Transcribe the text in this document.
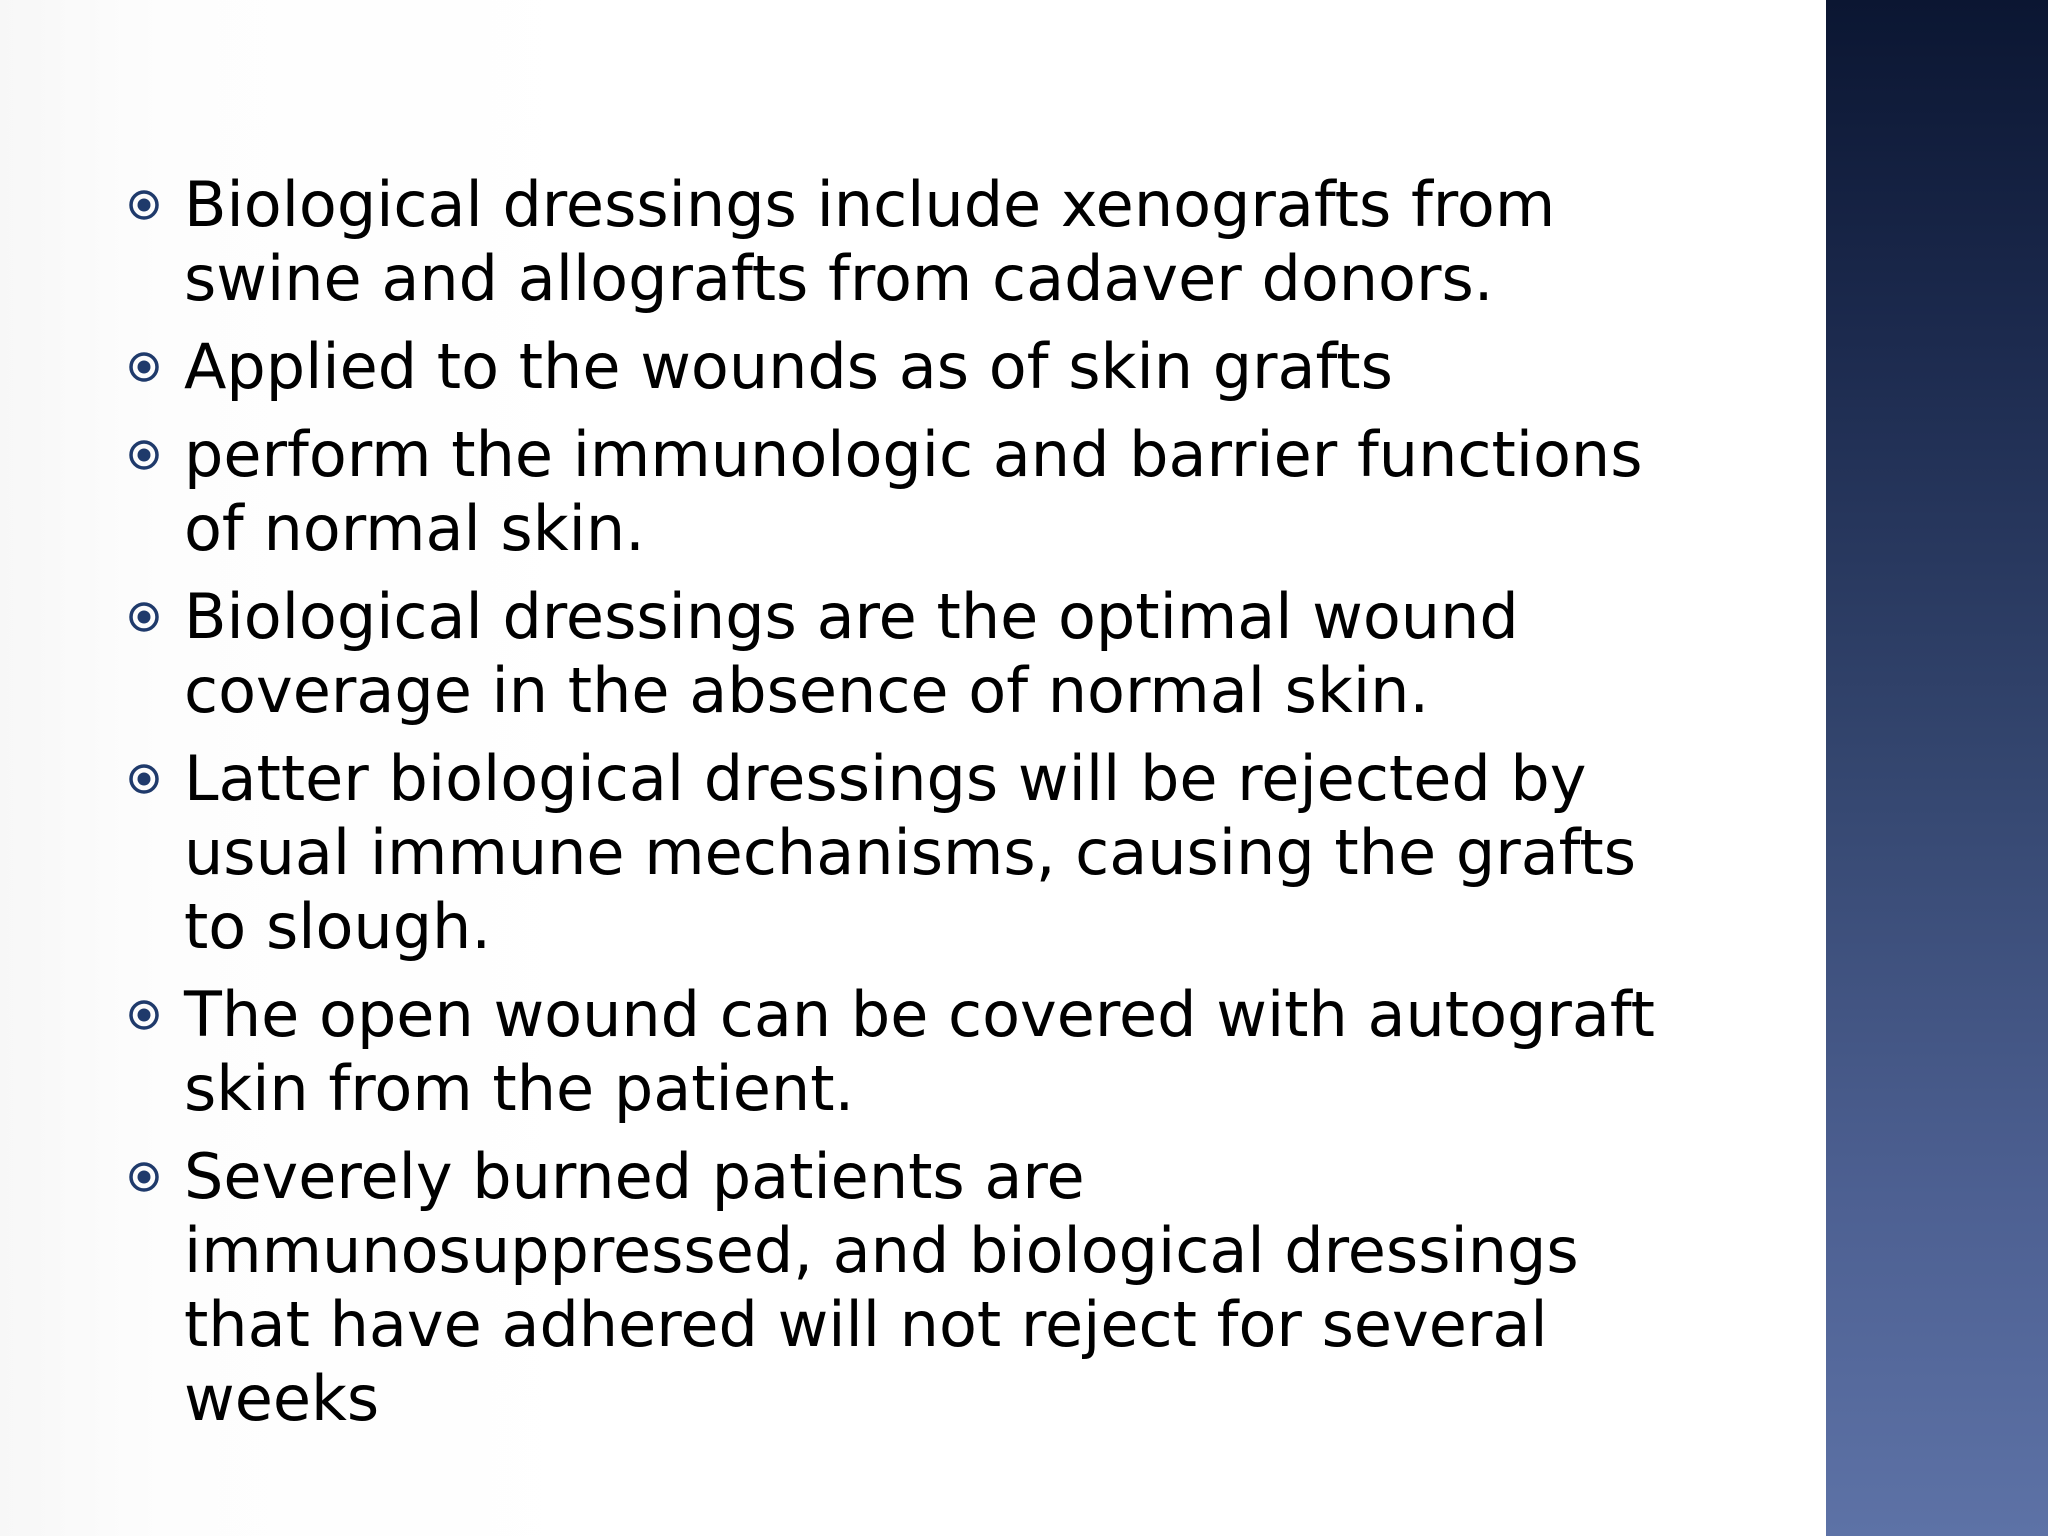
Biological dressings include xenografts from swine and allografts from cadaver donors.
Applied to the wounds as of skin grafts
perform the immunologic and barrier functions of normal skin.
Biological dressings are the optimal wound coverage in the absence of normal skin.
Latter biological dressings will be rejected by usual immune mechanisms, causing the grafts to slough.
The open wound can be covered with autograft skin from the patient.
Severely burned patients are immunosuppressed, and biological dressings that have adhered will not reject for several weeks
